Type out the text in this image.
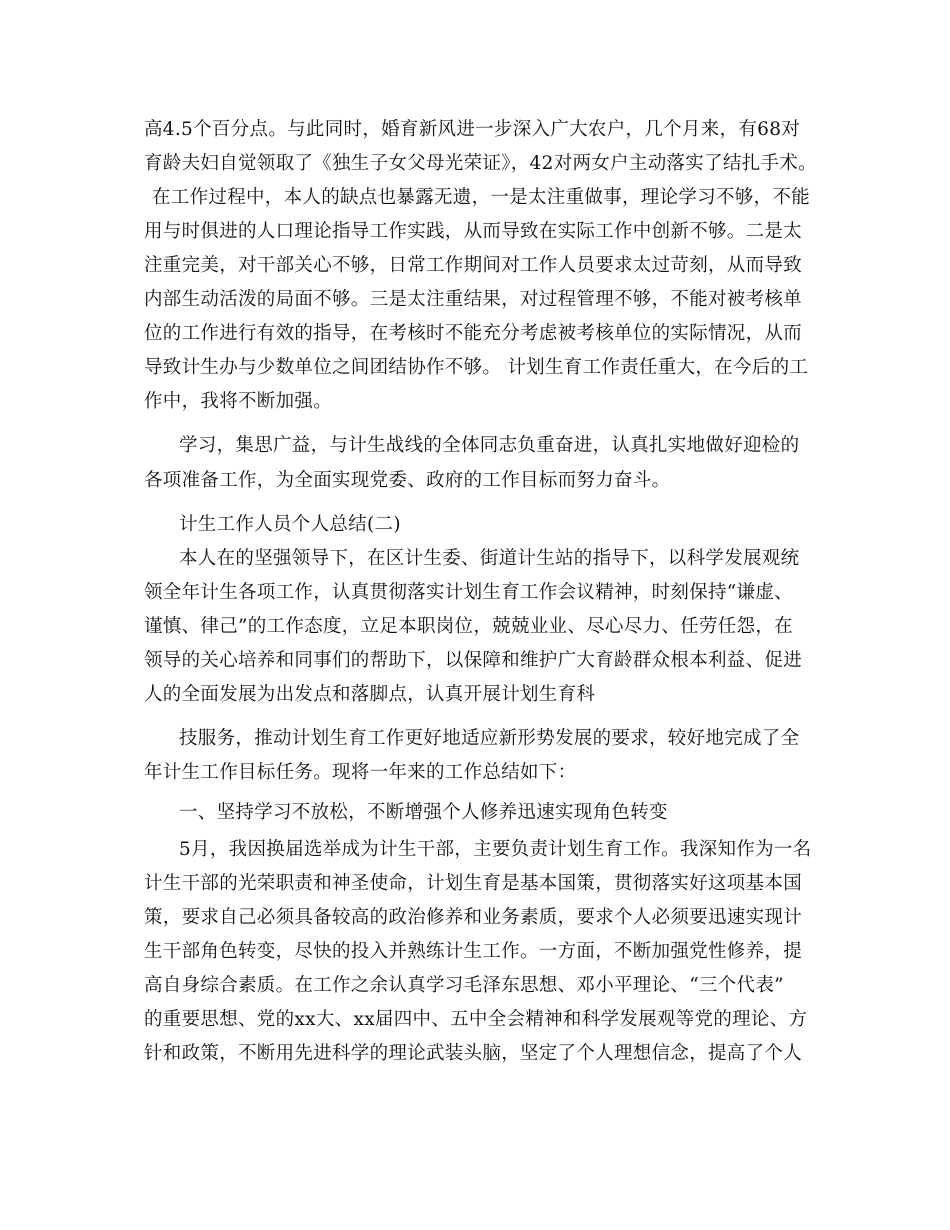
高4.5个百分点。与此同时，婚育新风进一步深入广大农户，几个月来，有68对
育龄夫妇自觉领取了《独生子女父母光荣证》，42对两女户主动落实了结扎手术。
在工作过程中，本人的缺点也暴露无遗，一是太注重做事，理论学习不够，不能
用与时俱进的人口理论指导工作实践，从而导致在实际工作中创新不够。二是太
注重完美，对干部关心不够，日常工作期间对工作人员要求太过苛刻，从而导致
内部生动活泼的局面不够。三是太注重结果，对过程管理不够，不能对被考核单
位的工作进行有效的指导，在考核时不能充分考虑被考核单位的实际情况，从而
导致计生办与少数单位之间团结协作不够。 计划生育工作责任重大，在今后的工
作中，我将不断加强。
学习，集思广益，与计生战线的全体同志负重奋进，认真扎实地做好迎检的
各项准备工作，为全面实现党委、政府的工作目标而努力奋斗。
计生工作人员个人总结(二)
本人在的坚强领导下，在区计生委、街道计生站的指导下，以科学发展观统
领全年计生各项工作，认真贯彻落实计划生育工作会议精神，时刻保持“谦虚、
谨慎、律己”的工作态度，立足本职岗位，兢兢业业、尽心尽力、任劳任怨，在
领导的关心培养和同事们的帮助下，以保障和维护广大育龄群众根本利益、促进
人的全面发展为出发点和落脚点，认真开展计划生育科
技服务，推动计划生育工作更好地适应新形势发展的要求，较好地完成了全
年计生工作目标任务。现将一年来的工作总结如下：
一、坚持学习不放松，不断增强个人修养迅速实现角色转变
5月，我因换届选举成为计生干部，主要负责计划生育工作。我深知作为一名
计生干部的光荣职责和神圣使命，计划生育是基本国策，贯彻落实好这项基本国
策，要求自己必须具备较高的政治修养和业务素质，要求个人必须要迅速实现计
生干部角色转变，尽快的投入并熟练计生工作。一方面，不断加强党性修养，提
高自身综合素质。在工作之余认真学习毛泽东思想、邓小平理论、“三个代表”
的重要思想、党的xx大、xx届四中、五中全会精神和科学发展观等党的理论、方
针和政策，不断用先进科学的理论武装头脑，坚定了个人理想信念，提高了个人
